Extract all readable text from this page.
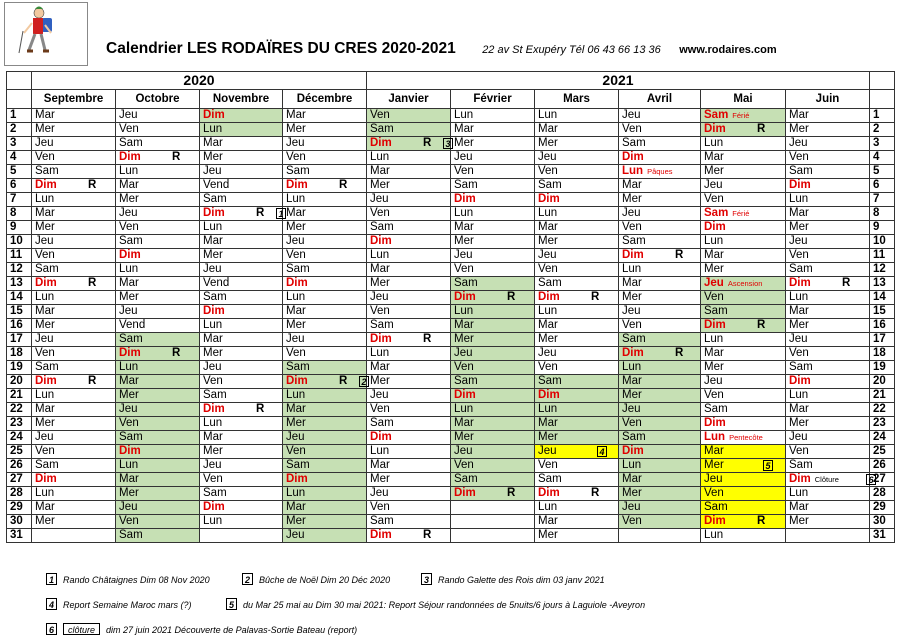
Calendrier LES RODAÏRES DU CRES 2020-2021 22 av St Exupéry Tél 06 43 66 13 36 www.rodaires.com
	2020				2021						
	Septembre	Octobre	Novembre	Décembre	Janvier	Février	Mars	Avril	Mai	Juin	
1	Mar	Jeu	Dim	Mar	Ven	Lun	Lun	Jeu	Sam Férié	Mar	1
2	Mer	Ven	Lun	Mer	Sam	Mar	Mar	Ven	Dim R	Mer	2
3	Jeu	Sam	Mar	Jeu	Dim R 3	Mer	Mer	Sam	Lun	Jeu	3
4	Ven	Dim R	Mer	Ven	Lun	Jeu	Jeu	Dim	Mar	Ven	4
5	Sam	Lun	Jeu	Sam	Mar	Ven	Ven	Lun Pâques	Mer	Sam	5
6	Dim R	Mar	Vend	Dim R	Mer	Sam	Sam	Mar	Jeu	Dim	6
7	Lun	Mer	Sam	Lun	Jeu	Dim	Dim	Mer	Ven	Lun	7
8	Mar	Jeu	Dim R 1	Mar	Ven	Lun	Lun	Jeu	Sam Férié	Mar	8
9	Mer	Ven	Lun	Mer	Sam	Mar	Mar	Ven	Dim	Mer	9
10	Jeu	Sam	Mar	Jeu	Dim	Mer	Mer	Sam	Lun	Jeu	10
11	Ven	Dim	Mer	Ven	Lun	Jeu	Jeu	Dim R	Mar	Ven	11
12	Sam	Lun	Jeu	Sam	Mar	Ven	Ven	Lun	Mer	Sam	12
13	Dim R	Mar	Vend	Dim	Mer	Sam	Sam	Mar	Jeu Ascension	Dim R	13
14	Lun	Mer	Sam	Lun	Jeu	Dim R	Dim R	Mer	Ven	Lun	14
15	Mar	Jeu	Dim	Mar	Ven	Lun	Lun	Jeu	Sam	Mar	15
16	Mer	Vend	Lun	Mer	Sam	Mar	Mar	Ven	Dim R	Mer	16
17	Jeu	Sam	Mar	Jeu	Dim R	Mer	Mer	Sam	Lun	Jeu	17
18	Ven	Dim R	Mer	Ven	Lun	Jeu	Jeu	Dim R	Mar	Ven	18
19	Sam	Lun	Jeu	Sam	Mar	Ven	Ven	Lun	Mer	Sam	19
20	Dim R	Mar	Ven	Dim R 2	Mer	Sam	Sam	Mar	Jeu	Dim	20
21	Lun	Mer	Sam	Lun	Jeu	Dim	Dim	Mer	Ven	Lun	21
22	Mar	Jeu	Dim R	Mar	Ven	Lun	Lun	Jeu	Sam	Mar	22
23	Mer	Ven	Lun	Mer	Sam	Mar	Mar	Ven	Dim	Mer	23
24	Jeu	Sam	Mar	Jeu	Dim	Mer	Mer	Sam	Lun Pentecôte	Jeu	24
25	Ven	Dim	Mer	Ven	Lun	Jeu	Jeu 4	Dim	Mar	Ven	25
26	Sam	Lun	Jeu	Sam	Mar	Ven	Ven	Lun	Mer 5	Sam	26
27	Dim	Mar	Ven	Dim	Mer	Sam	Sam	Mar	Jeu	Dim Clôture 6	27
28	Lun	Mer	Sam	Lun	Jeu	Dim R	Dim R	Mer	Ven	Lun	28
29	Mar	Jeu	Dim	Mar	Ven		Lun	Jeu	Sam	Mar	29
30	Mer	Ven	Lun	Mer	Sam		Mar	Ven	Dim R	Mer	30
31		Sam		Jeu	Dim R		Mer		Lun		31
1 Rando Châtaignes Dim 08 Nov 2020	2 Bûche de Noël Dim 20 Déc 2020	3 Rando Galette des Rois dim 03 janv 2021
4 Report Semaine Maroc mars (?)	5 du Mar 25 mai au Dim 30 mai 2021: Report Séjour randonnées de 5nuits/6 jours à Laguiole -Aveyron
6 clôture dim 27 juin 2021 Découverte de Palavas-Sortie Bateau (report)
